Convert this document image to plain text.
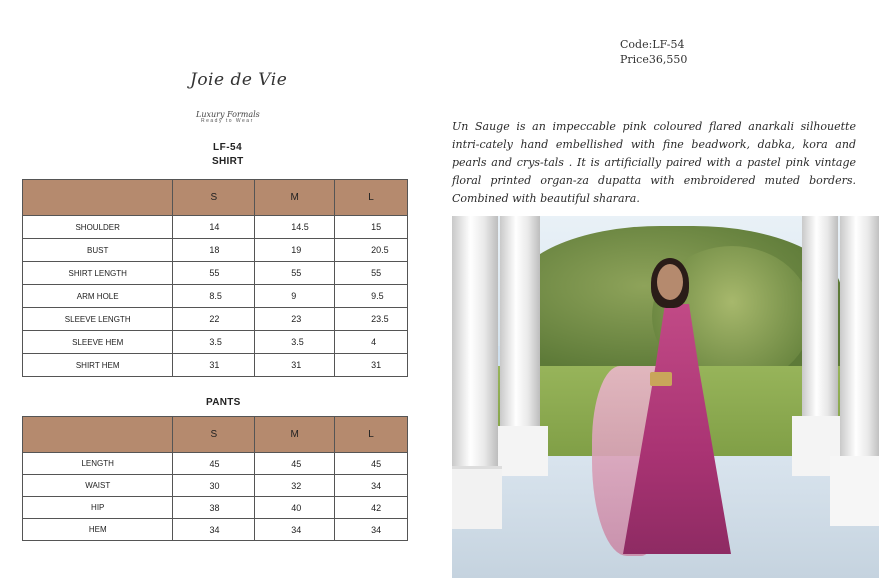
Joie de Vie
Luxury Formals
Ready to Wear
LF-54
SHIRT
	S	M	L
SHOULDER	14	14.5	15
BUST	18	19	20.5
SHIRT LENGTH	55	55	55
ARM HOLE	8.5	9	9.5
SLEEVE LENGTH	22	23	23.5
SLEEVE HEM	3.5	3.5	4
SHIRT HEM	31	31	31
PANTS
	S	M	L
LENGTH	45	45	45
WAIST	30	32	34
HIP	38	40	42
HEM	34	34	34
Code:LF-54
Price36,550
Un Sauge is an impeccable pink coloured flared anarkali silhouette intri-cately hand embellished with fine beadwork, dabka, kora and pearls and crys-tals . It is artificially paired with a pastel pink vintage floral printed organ-za dupatta with embroidered muted borders. Combined with beautiful sharara.
